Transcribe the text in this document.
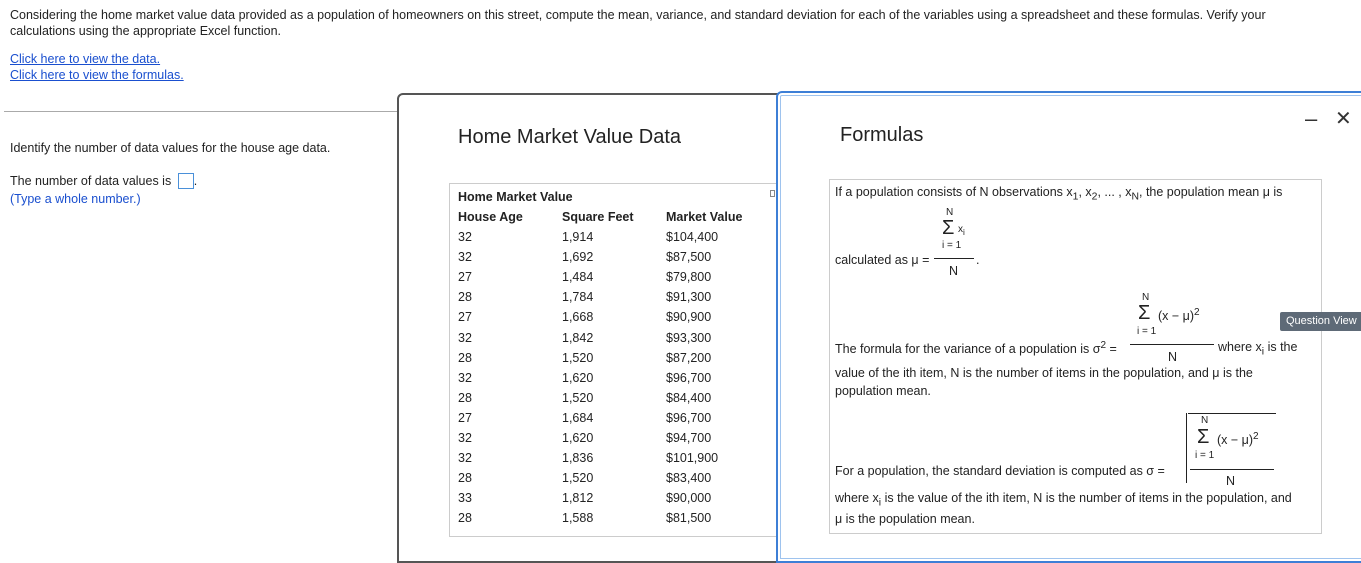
Considering the home market value data provided as a population of homeowners on this street, compute the mean, variance, and standard deviation for each of the variables using a spreadsheet and these formulas. Verify your calculations using the appropriate Excel function.
Click here to view the data.
Click here to view the formulas.
Identify the number of data values for the house age data.
The number of data values is .
(Type a whole number.)
Home Market Value Data
Home Market Value
House Age	Square Feet	Market Value
32	1,914	$104,400
32	1,692	$87,500
27	1,484	$79,800
28	1,784	$91,300
27	1,668	$90,900
32	1,842	$93,300
28	1,520	$87,200
32	1,620	$96,700
28	1,520	$84,400
27	1,684	$96,700
32	1,620	$94,700
32	1,836	$101,900
28	1,520	$83,400
33	1,812	$90,000
28	1,588	$81,500
Formulas
– ✕
If a population consists of N observations $x_1$, $x_2$, ... , $x_N$, the population mean μ is
N
Σ $x_i$
i = 1
calculated as μ =
N
.
N
Σ $(x - \mu)^2$
i = 1
The formula for the variance of a population is $\sigma^2$ =
N
where $x_i$ is the
value of the ith item, N is the number of items in the population, and μ is the
population mean.
N
Σ $(x - \mu)^2$
i = 1
For a population, the standard deviation is computed as σ =
N
where $x_i$ is the value of the ith item, N is the number of items in the population, and
μ is the population mean.
Question View
